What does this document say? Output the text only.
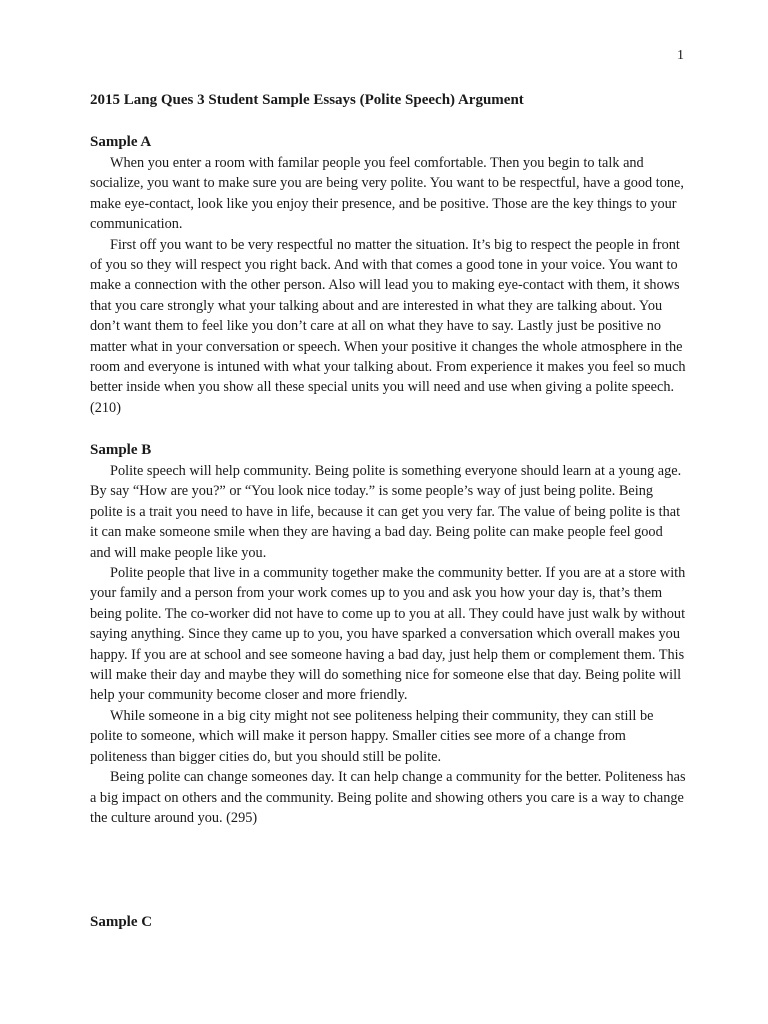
1
2015 Lang Ques 3 Student Sample Essays (Polite Speech) Argument
Sample A

When you enter a room with familar people you feel comfortable. Then you begin to talk and socialize, you want to make sure you are being very polite. You want to be respectful, have a good tone, make eye-contact, look like you enjoy their presence, and be positive. Those are the key things to your communication.

First off you want to be very respectful no matter the situation. It’s big to respect the people in front of you so they will respect you right back. And with that comes a good tone in your voice. You want to make a connection with the other person. Also will lead you to making eye-contact with them, it shows that you care strongly what your talking about and are interested in what they are talking about. You don’t want them to feel like you don’t care at all on what they have to say. Lastly just be positive no matter what in your conversation or speech. When your positive it changes the whole atmosphere in the room and everyone is intuned with what your talking about. From experience it makes you feel so much better inside when you show all these special units you will need and use when giving a polite speech. (210)

Sample B

Polite speech will help community. Being polite is something everyone should learn at a young age. By say “How are you?” or “You look nice today.” is some people’s way of just being polite. Being polite is a trait you need to have in life, because it can get you very far. The value of being polite is that it can make someone smile when they are having a bad day. Being polite can make people feel good and will make people like you.

Polite people that live in a community together make the community better. If you are at a store with your family and a person from your work comes up to you and ask you how your day is, that’s them being polite. The co-worker did not have to come up to you at all. They could have just walk by without saying anything. Since they came up to you, you have sparked a conversation which overall makes you happy. If you are at school and see someone having a bad day, just help them or complement them. This will make their day and maybe they will do something nice for someone else that day. Being polite will help your community become closer and more friendly.

While someone in a big city might not see politeness helping their community, they can still be polite to someone, which will make it person happy. Smaller cities see more of a change from politeness than bigger cities do, but you should still be polite.

Being polite can change someones day. It can help change a community for the better. Politeness has a big impact on others and the community. Being polite and showing others you care is a way to change the culture around you. (295)

Sample C
